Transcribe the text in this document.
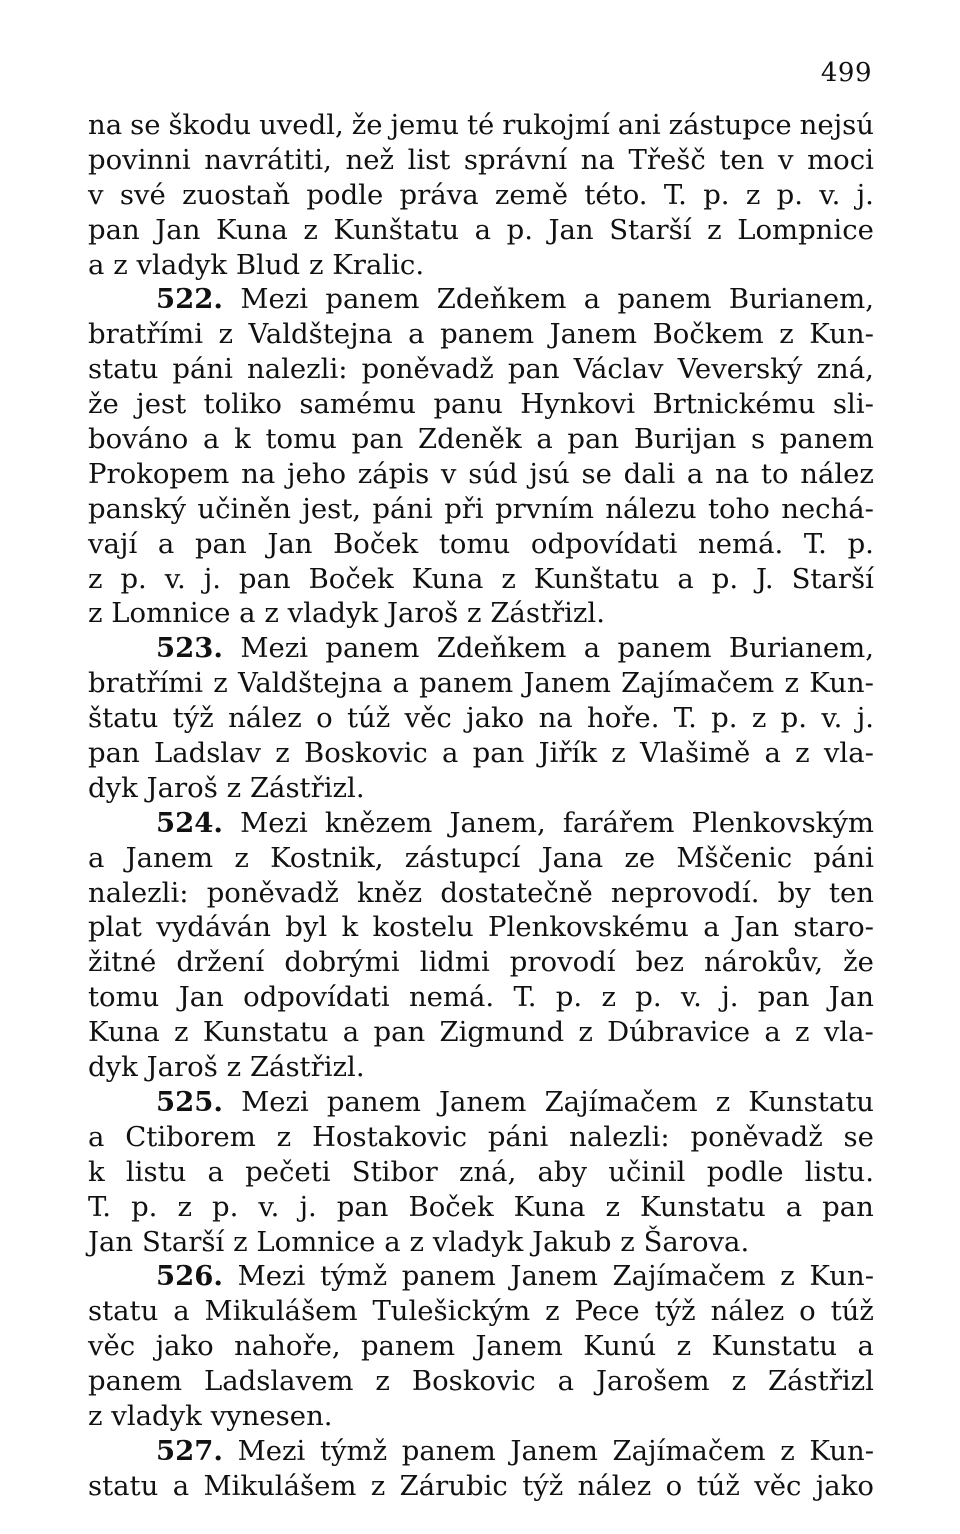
499
na se škodu uvedl, že jemu té rukojmí ani zástupce nejsú
povinni navrátiti, než list správní na Třešč ten v moci
v své zuostaň podle práva země této. T. p. z p. v. j.
pan Jan Kuna z Kunštatu a p. Jan Starší z Lompnice
a z vladyk Blud z Kralic.
522. Mezi panem Zdeňkem a panem Burianem,
bratřími z Valdštejna a panem Janem Bočkem z Kun-
statu páni nalezli: poněvadž pan Václav Veverský zná,
že jest toliko samému panu Hynkovi Brtnickému sli-
bováno a k tomu pan Zdeněk a pan Burijan s panem
Prokopem na jeho zápis v súd jsú se dali a na to nález
panský učiněn jest, páni při prvním nálezu toho nechá-
vají a pan Jan Boček tomu odpovídati nemá. T. p.
z p. v. j. pan Boček Kuna z Kunštatu a p. J. Starší
z Lomnice a z vladyk Jaroš z Zástřizl.
523. Mezi panem Zdeňkem a panem Burianem,
bratřími z Valdštejna a panem Janem Zajímačem z Kun-
štatu týž nález o túž věc jako na hoře. T. p. z p. v. j.
pan Ladslav z Boskovic a pan Jiřík z Vlašimě a z vla-
dyk Jaroš z Zástřizl.
524. Mezi knězem Janem, farářem Plenkovským
a Janem z Kostnik, zástupcí Jana ze Mščenic páni
nalezli: poněvadž kněz dostatečně neprovodí. by ten
plat vydáván byl k kostelu Plenkovskému a Jan staro-
žitné držení dobrými lidmi provodí bez nárokův, že
tomu Jan odpovídati nemá. T. p. z p. v. j. pan Jan
Kuna z Kunstatu a pan Zigmund z Dúbravice a z vla-
dyk Jaroš z Zástřizl.
525. Mezi panem Janem Zajímačem z Kunstatu
a Ctiborem z Hostakovic páni nalezli: poněvadž se
k listu a pečeti Stibor zná, aby učinil podle listu.
T. p. z p. v. j. pan Boček Kuna z Kunstatu a pan
Jan Starší z Lomnice a z vladyk Jakub z Šarova.
526. Mezi týmž panem Janem Zajímačem z Kun-
statu a Mikulášem Tulešickým z Pece týž nález o túž
věc jako nahoře, panem Janem Kunú z Kunstatu a
panem Ladslavem z Boskovic a Jarošem z Zástřizl
z vladyk vynesen.
527. Mezi týmž panem Janem Zajímačem z Kun-
statu a Mikulášem z Zárubic týž nález o túž věc jako
